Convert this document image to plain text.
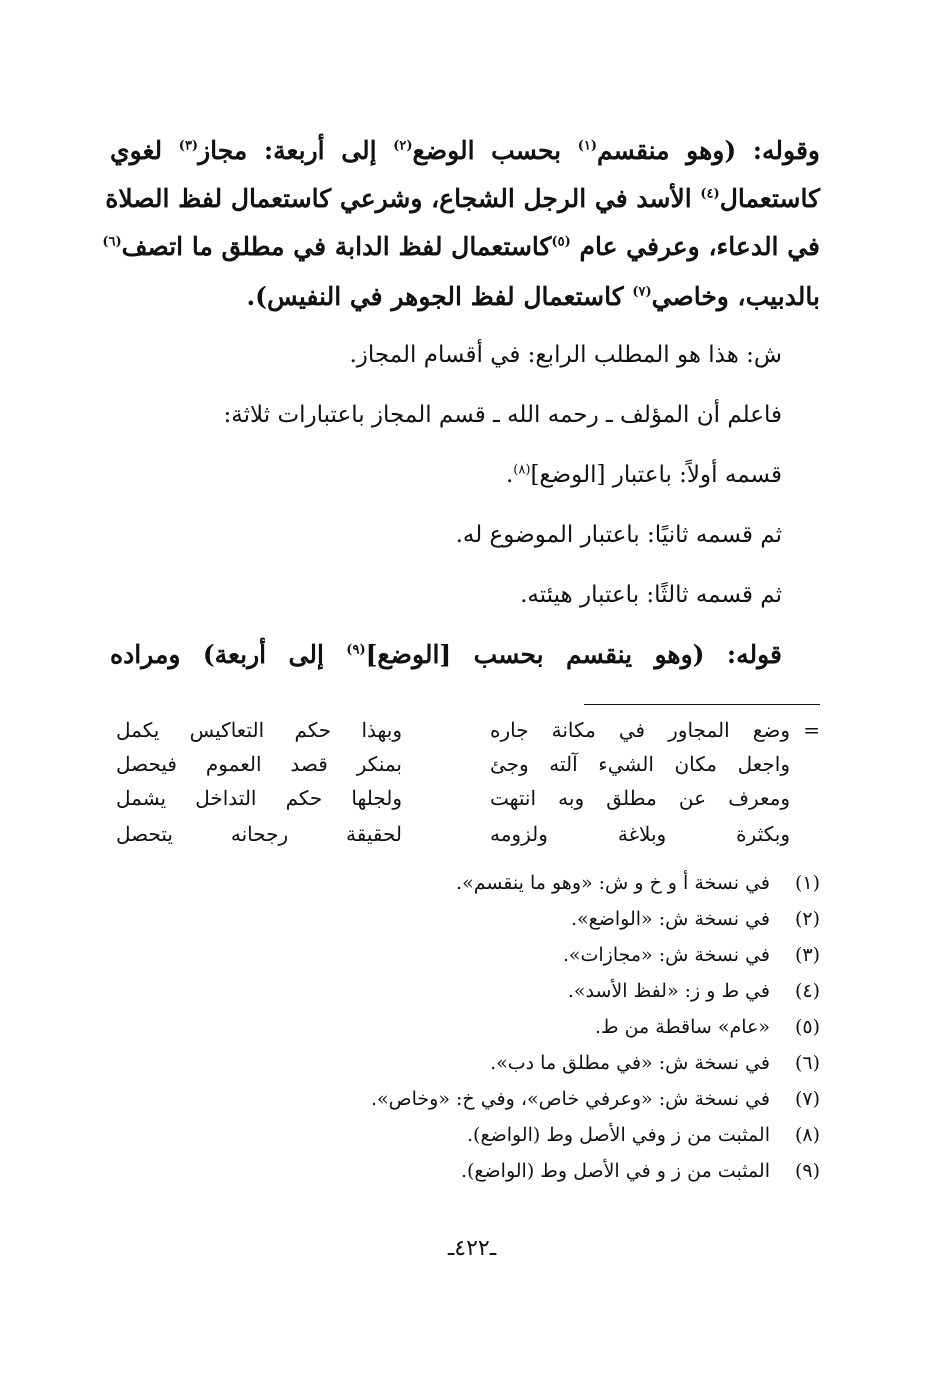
وقوله: (وهو منقسم$^{(١)}$ بحسب الوضع$^{(٢)}$ إلى أربعة: مجاز$^{(٣)}$ لغوي
كاستعمال$^{(٤)}$ الأسد في الرجل الشجاع، وشرعي كاستعمال لفظ الصلاة
في الدعاء، وعرفي عام $^{(٥)}$كاستعمال لفظ الدابة في مطلق ما اتصف$^{(٦)}$
بالدبيب، وخاصي$^{(٧)}$ كاستعمال لفظ الجوهر في النفيس).
ش: هذا هو المطلب الرابع: في أقسام المجاز.
فاعلم أن المؤلف ـ رحمه الله ـ قسم المجاز باعتبارات ثلاثة:
قسمه أولاً: باعتبار [الوضع]$^{(٨)}$.
ثم قسمه ثانيًا: باعتبار الموضوع له.
ثم قسمه ثالثًا: باعتبار هيئته.
قوله: (وهو ينقسم بحسب [الوضع]$^{(٩)}$ إلى أربعة) ومراده
=
وضع المجاور في مكانة جاره
وبهذا حكم التعاكيس يكمل
واجعل مكان الشيء آلته وجئ
بمنكر قصد العموم فيحصل
ومعرف عن مطلق وبه انتهت
ولجلها حكم التداخل يشمل
وبكثرة وبلاغة ولزومه
لحقيقة رجحانه يتحصل
(١)في نسخة أ و خ و ش: «وهو ما ينقسم».
(٢)في نسخة ش: «الواضع».
(٣)في نسخة ش: «مجازات».
(٤)في ط و ز: «لفظ الأسد».
(٥)«عام» ساقطة من ط.
(٦)في نسخة ش: «في مطلق ما دب».
(٧)في نسخة ش: «وعرفي خاص»، وفي خ: «وخاص».
(٨)المثبت من ز وفي الأصل وط (الواضع).
(٩)المثبت من ز و في الأصل وط (الواضع).
ـ٤٢٢ـ
